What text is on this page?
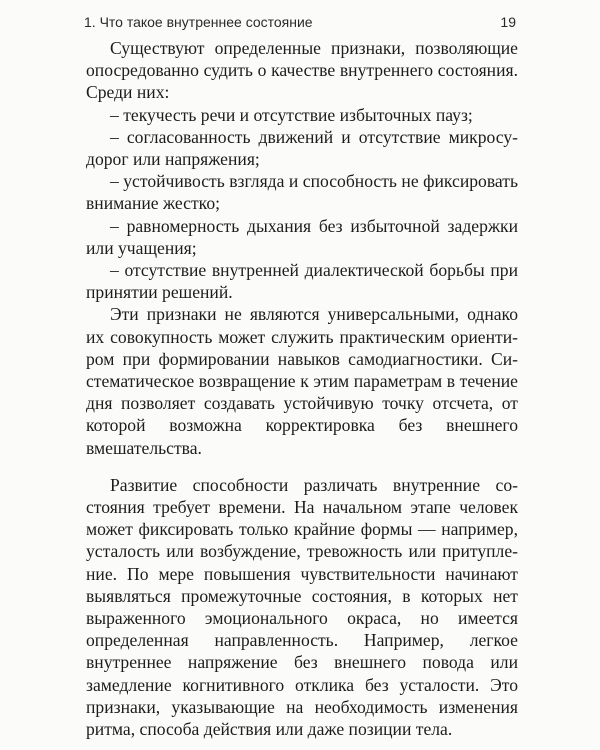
1. Что такое внутреннее состояние	19

Существуют определенные признаки, позволяющие опосредованно судить о качестве внутреннего состояния. Среди них:

– текучесть речи и отсутствие избыточных пауз;

– согласованность движений и отсутствие микросудорог или напряжения;

– устойчивость взгляда и способность не фиксировать внимание жестко;

– равномерность дыхания без избыточной задержки или учащения;

– отсутствие внутренней диалектической борьбы при принятии решений.

Эти признаки не являются универсальными, однако их совокупность может служить практическим ориентиром при формировании навыков самодиагностики. Систематическое возвращение к этим параметрам в течение дня позволяет создавать устойчивую точку отсчета, от которой возможна корректировка без внешнего вмешательства.

Развитие способности различать внутренние состояния требует времени. На начальном этапе человек может фиксировать только крайние формы — например, усталость или возбуждение, тревожность или притупление. По мере повышения чувствительности начинают выявляться промежуточные состояния, в которых нет выраженного эмоционального окраса, но имеется определенная направленность. Например, легкое внутреннее напряжение без внешнего повода или замедление когнитивного отклика без усталости. Это признаки, указывающие на необходимость изменения ритма, способа действия или даже позиции тела.
